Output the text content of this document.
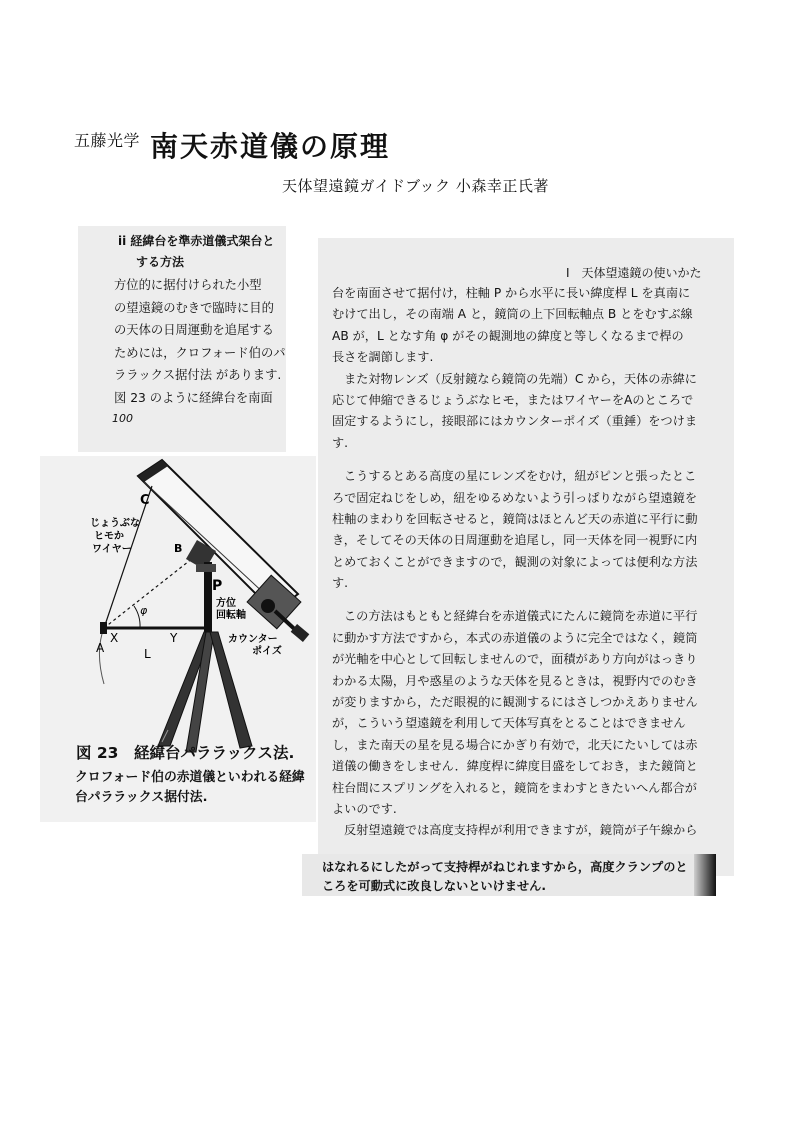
五藤光学 南天赤道儀の原理
天体望遠鏡ガイドブック 小森幸正氏著
ii 経緯台を準赤道儀式架台と
する方法
方位的に据付けられた小型
の望遠鏡のむきで臨時に目的
の天体の日周運動を追尾する
ためには，クロフォード伯のパ
ララックス据付法 があります.
図 23 のように経緯台を南面
100
C
じょうぶな
ヒモか
ワイヤー	B
P
方位
回転軸
カウンター
ポイズ
X	Y
A	L
φ
図 23　経緯台パララックス法.
クロフォード伯の赤道儀といわれる経緯
台パララックス据付法.
I　天体望遠鏡の使いかた
台を南面させて据付け，柱軸 P から水平に長い緯度桿 L を真南に
むけて出し，その南端 A と，鏡筒の上下回転軸点 B とをむすぶ線
AB が，L となす角 φ がその観測地の緯度と等しくなるまで桿の
長さを調節します.
また対物レンズ（反射鏡なら鏡筒の先端）C から，天体の赤緯に
応じて伸縮できるじょうぶなヒモ，またはワイヤーをAのところで
固定するようにし，接眼部にはカウンターポイズ（重錘）をつけま
す.
こうするとある高度の星にレンズをむけ，紐がピンと張ったとこ
ろで固定ねじをしめ，紐をゆるめないよう引っぱりながら望遠鏡を
柱軸のまわりを回転させると，鏡筒はほとんど天の赤道に平行に動
き，そしてその天体の日周運動を追尾し，同一天体を同一視野に内
とめておくことができますので，観測の対象によっては便利な方法
す.
この方法はもともと経緯台を赤道儀式にたんに鏡筒を赤道に平行
に動かす方法ですから，本式の赤道儀のように完全ではなく，鏡筒
が光軸を中心として回転しませんので，面積があり方向がはっきり
わかる太陽，月や惑星のような天体を見るときは，視野内でのむき
が変りますから，ただ眼視的に観測するにはさしつかえありません
が，こういう望遠鏡を利用して天体写真をとることはできません
し，また南天の星を見る場合にかぎり有効で，北天にたいしては赤
道儀の働きをしません．緯度桿に緯度目盛をしておき，また鏡筒と
柱台間にスプリングを入れると，鏡筒をまわすときたいへん都合が
よいのです.
反射望遠鏡では高度支持桿が利用できますが，鏡筒が子午線から
はなれるにしたがって支持桿がねじれますから，高度クランプのと
ころを可動式に改良しないといけません.
